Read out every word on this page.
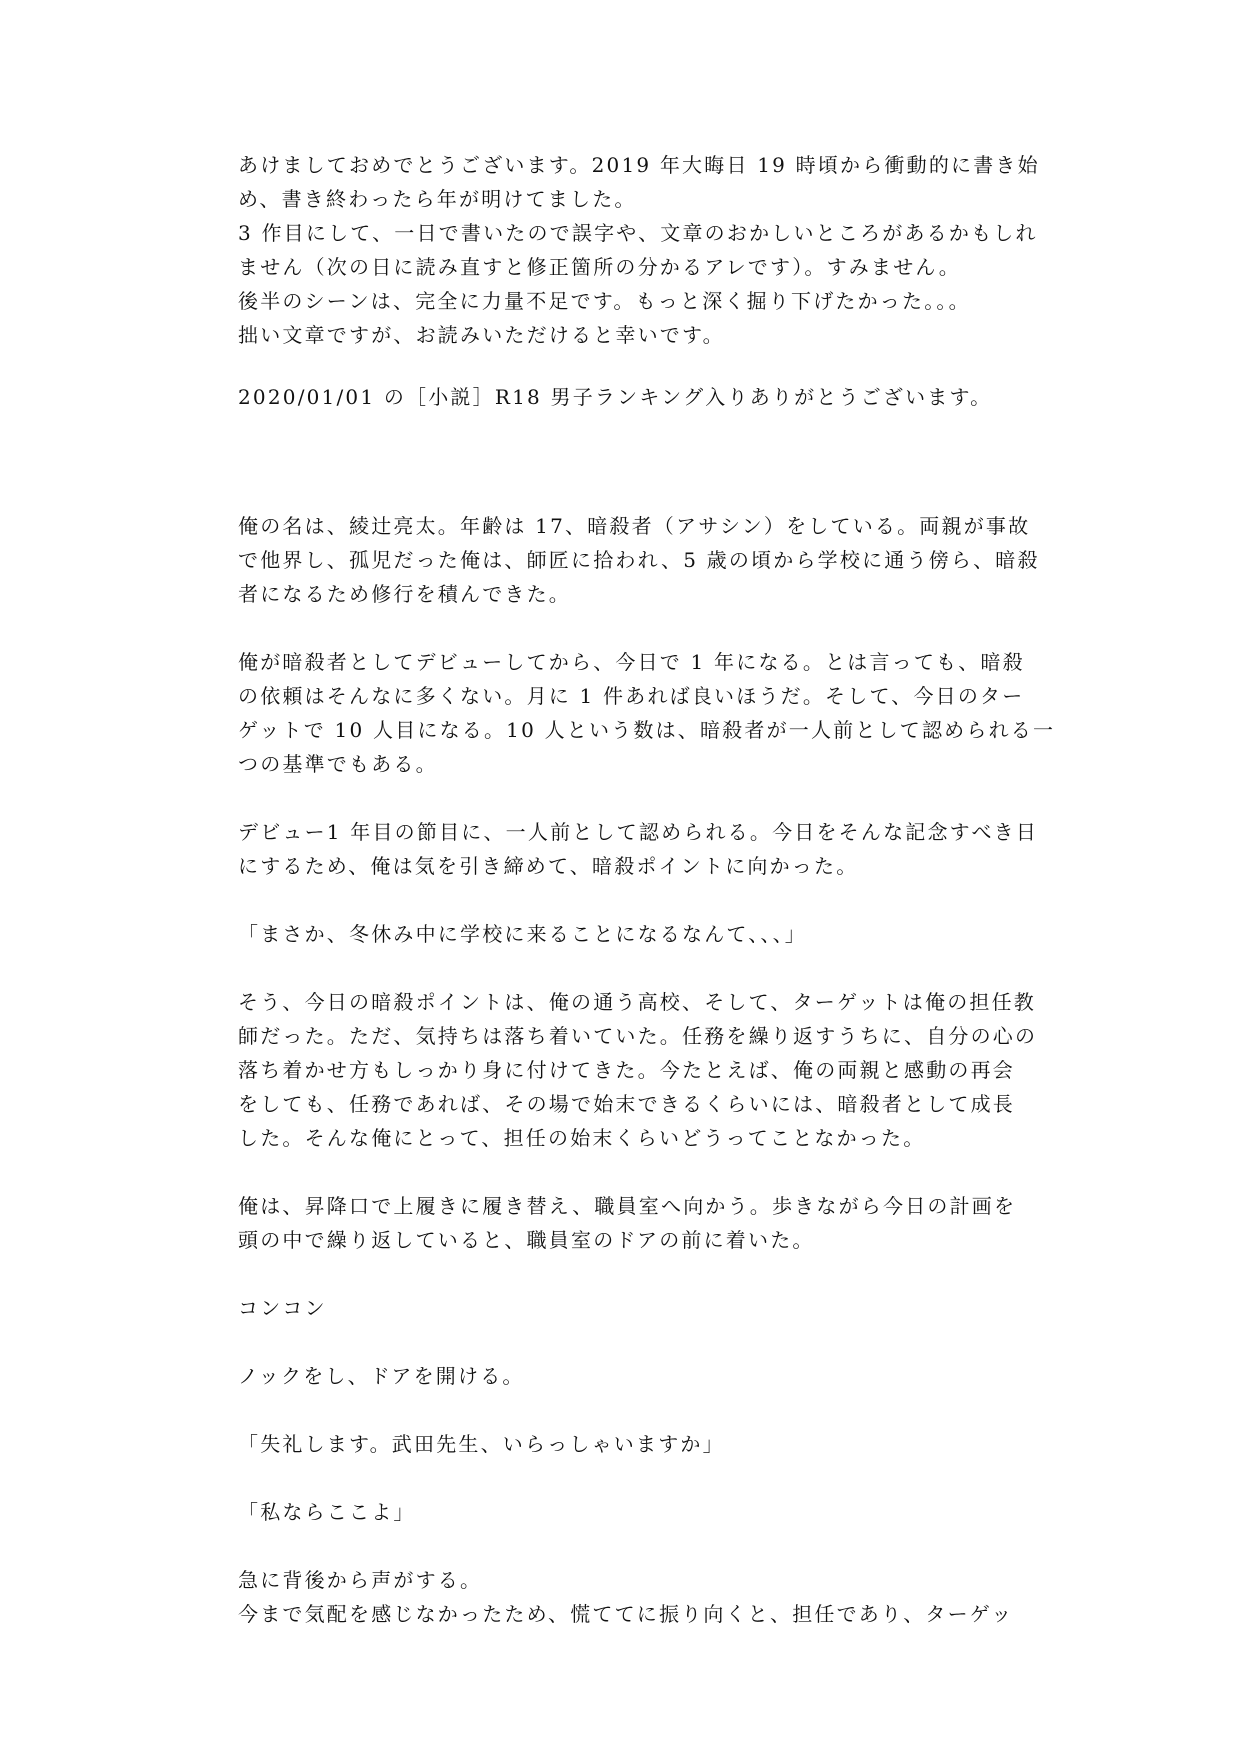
あけましておめでとうございます。2019 年大晦日 19 時頃から衝動的に書き始
め、書き終わったら年が明けてました。
3 作目にして、一日で書いたので誤字や、文章のおかしいところがあるかもしれ
ません（次の日に読み直すと修正箇所の分かるアレです）。すみません。
後半のシーンは、完全に力量不足です。もっと深く掘り下げたかった。。。
拙い文章ですが、お読みいただけると幸いです。
2020/01/01 の［小説］R18 男子ランキング入りありがとうございます。
俺の名は、綾辻亮太。年齢は 17、暗殺者（アサシン）をしている。両親が事故
で他界し、孤児だった俺は、師匠に拾われ、5 歳の頃から学校に通う傍ら、暗殺
者になるため修行を積んできた。
俺が暗殺者としてデビューしてから、今日で 1 年になる。とは言っても、暗殺
の依頼はそんなに多くない。月に 1 件あれば良いほうだ。そして、今日のター
ゲットで 10 人目になる。10 人という数は、暗殺者が一人前として認められる一
つの基準でもある。
デビュー1 年目の節目に、一人前として認められる。今日をそんな記念すべき日
にするため、俺は気を引き締めて、暗殺ポイントに向かった。
「まさか、冬休み中に学校に来ることになるなんて、、、」
そう、今日の暗殺ポイントは、俺の通う高校、そして、ターゲットは俺の担任教
師だった。ただ、気持ちは落ち着いていた。任務を繰り返すうちに、自分の心の
落ち着かせ方もしっかり身に付けてきた。今たとえば、俺の両親と感動の再会
をしても、任務であれば、その場で始末できるくらいには、暗殺者として成長
した。そんな俺にとって、担任の始末くらいどうってことなかった。
俺は、昇降口で上履きに履き替え、職員室へ向かう。歩きながら今日の計画を
頭の中で繰り返していると、職員室のドアの前に着いた。
コンコン
ノックをし、ドアを開ける。
「失礼します。武田先生、いらっしゃいますか」
「私ならここよ」
急に背後から声がする。
今まで気配を感じなかったため、慌ててに振り向くと、担任であり、ターゲッ
